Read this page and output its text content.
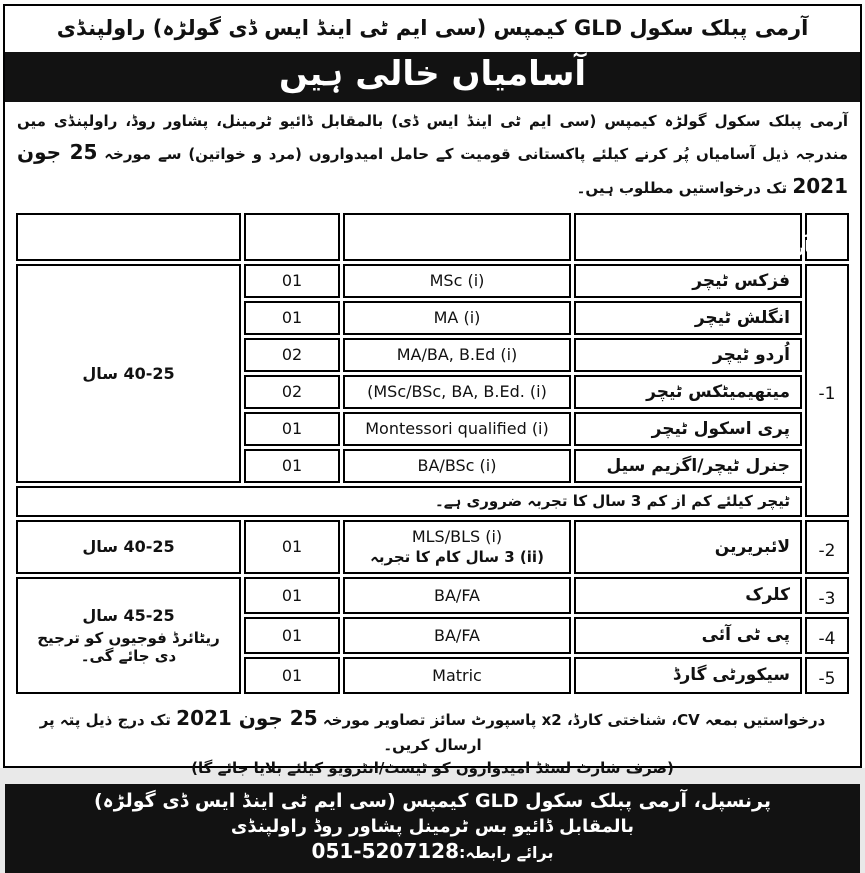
آرمی پبلک سکول GLD کیمپس (سی ایم ٹی اینڈ ایس ڈی گولڑہ) راولپنڈی
آسامیاں خالی ہیں
آرمی پبلک سکول گولڑہ کیمپس (سی ایم ٹی اینڈ ایس ڈی) بالمقابل ڈائیو ٹرمینل، پشاور روڈ، راولپنڈی میں مندرجہ ذیل آسامیاں پُر کرنے کیلئے پاکستانی قومیت کے حامل امیدواروں (مرد و خواتین) سے مورخہ 25 جون 2021 تک درخواستیں مطلوب ہیں۔
نمبر شمار	عہدہ	تعلیم / تجربہ	آسامی تعداد	عمر
-1	فزکس ٹیچر	MSc (i)	01	40-25 سال
	انگلش ٹیچر	MA (i)	01	
	اُردو ٹیچر	MA/BA, B.Ed (i)	02	
	میتھیمیٹکس ٹیچر	(MSc/BSc, BA, B.Ed. (i)	02	
	پری اسکول ٹیچر	Montessori qualified (i)	01	
	جنرل ٹیچر/اگزیم سیل	BA/BSc (i)	01	
	ٹیچر کیلئے کم از کم 3 سال کا تجربہ ضروری ہے۔			
-2	لائبریرین	MLS/BLS (i)
(ii) 3 سال کام کا تجربہ	01	40-25 سال
-3	کلرک	BA/FA	01	45-25 سال
ریٹائرڈ فوجیوں کو ترجیح دی جائے گی۔

-4	پی ٹی آئی	BA/FA	01	
-5	سیکورٹی گارڈ	Matric	01	
درخواستیں بمعہ CV، شناختی کارڈ، x2 پاسپورٹ سائز تصاویر مورخہ 25 جون 2021 تک درج ذیل پتہ پر ارسال کریں۔
(صرف شارٹ لسٹڈ امیدواروں کو ٹیسٹ/انٹرویو کیلئے بلایا جائے گا)
پرنسپل، آرمی پبلک سکول GLD کیمپس (سی ایم ٹی اینڈ ایس ڈی گولڑہ)
بالمقابل ڈائیو بس ٹرمینل پشاور روڈ راولپنڈی
برائے رابطہ:051-5207128
